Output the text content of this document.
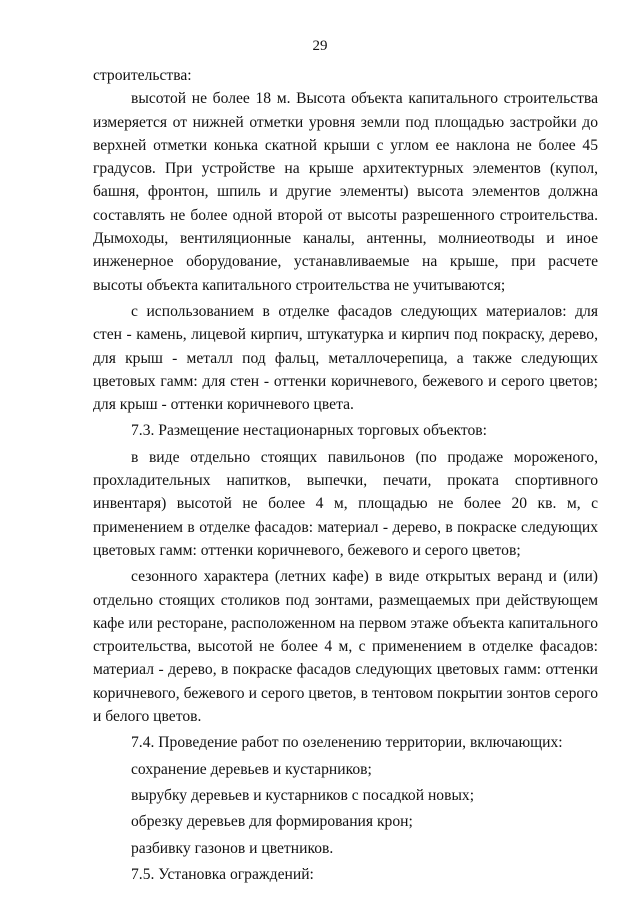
29

строительства:

высотой не более 18 м. Высота объекта капитального строительства измеряется от нижней отметки уровня земли под площадью застройки до верхней отметки конька скатной крыши с углом ее наклона не более 45 градусов. При устройстве на крыше архитектурных элементов (купол, башня, фронтон, шпиль и другие элементы) высота элементов должна составлять не более одной второй от высоты разрешенного строительства. Дымоходы, вентиляционные каналы, антенны, молниеотводы и иное инженерное оборудование, устанавливаемые на крыше, при расчете высоты объекта капитального строительства не учитываются;

с использованием в отделке фасадов следующих материалов: для стен - камень, лицевой кирпич, штукатурка и кирпич под покраску, дерево, для крыш - металл под фальц, металлочерепица, а также следующих цветовых гамм: для стен - оттенки коричневого, бежевого и серого цветов; для крыш - оттенки коричневого цвета.

7.3. Размещение нестационарных торговых объектов:

в виде отдельно стоящих павильонов (по продаже мороженого, прохладительных напитков, выпечки, печати, проката спортивного инвентаря) высотой не более 4 м, площадью не более 20 кв. м, с применением в отделке фасадов: материал - дерево, в покраске следующих цветовых гамм: оттенки коричневого, бежевого и серого цветов;

сезонного характера (летних кафе) в виде открытых веранд и (или) отдельно стоящих столиков под зонтами, размещаемых при действующем кафе или ресторане, расположенном на первом этаже объекта капитального строительства, высотой не более 4 м, с применением в отделке фасадов: материал - дерево, в покраске фасадов следующих цветовых гамм: оттенки коричневого, бежевого и серого цветов, в тентовом покрытии зонтов серого и белого цветов.

7.4. Проведение работ по озеленению территории, включающих:

сохранение деревьев и кустарников;

вырубку деревьев и кустарников с посадкой новых;

обрезку деревьев для формирования крон;

разбивку газонов и цветников.

7.5. Установка ограждений:
